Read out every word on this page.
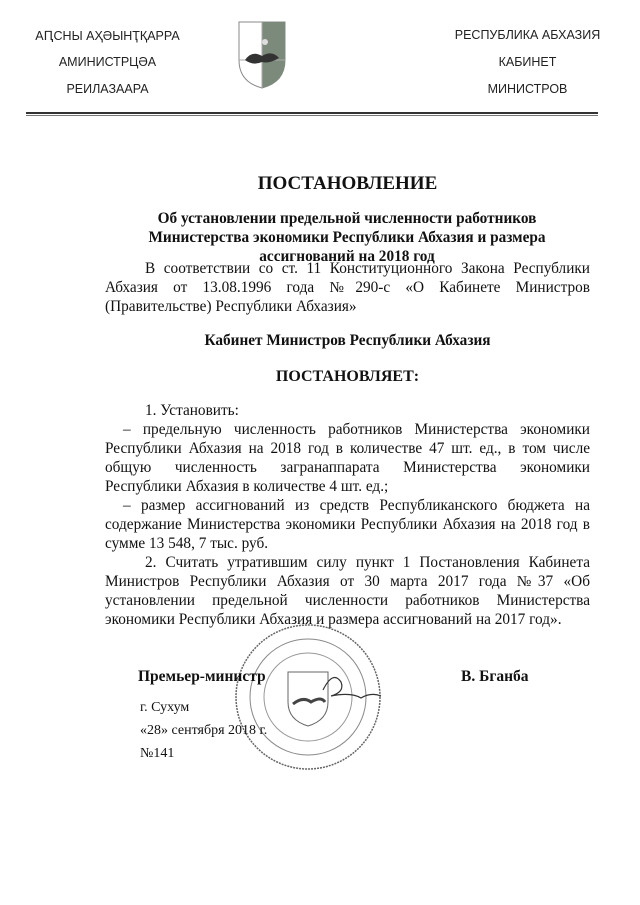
АԤСНЫ АҲӘЫНҬҚАРРА
АМИНИСТРЦӘА
РЕИЛАЗААРА
РЕСПУБЛИКА АБХАЗИЯ
КАБИНЕТ
МИНИСТРОВ
ПОСТАНОВЛЕНИЕ
Об установлении предельной численности работников Министерства экономики Республики Абхазия и размера ассигнований на 2018 год
В соответствии со ст. 11 Конституционного Закона Республики Абхазия от 13.08.1996 года №290-с «О Кабинете Министров (Правительстве) Республики Абхазия»
Кабинет Министров Республики Абхазия
ПОСТАНОВЛЯЕТ:

1. Установить:

– предельную численность работников Министерства экономики Республики Абхазия на 2018 год в количестве 47 шт. ед., в том числе общую численность загранаппарата Министерства экономики Республики Абхазия в количестве 4 шт. ед.;

– размер ассигнований из средств Республиканского бюджета на содержание Министерства экономики Республики Абхазия на 2018 год в сумме 13 548, 7 тыс. руб.

2. Считать утратившим силу пункт 1 Постановления Кабинета Министров Республики Абхазия от 30 марта 2017 года №37 «Об установлении предельной численности работников Министерства экономики Республики Абхазия и размера ассигнований на 2017 год».

Премьер-министр	В. Бганба
г. Сухум
«28» сентября 2018 г.
№141
